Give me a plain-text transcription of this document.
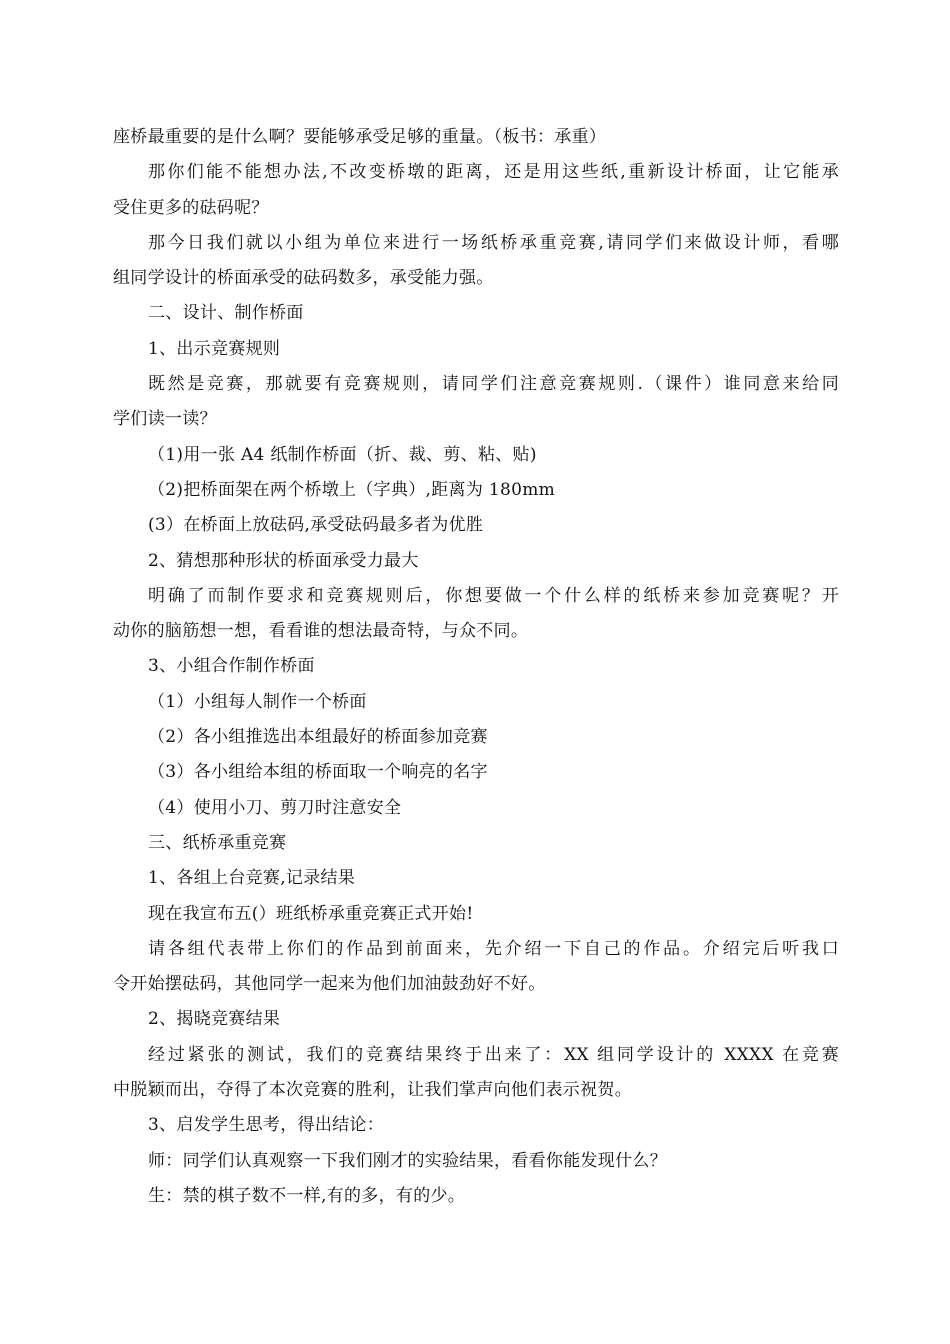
座桥最重要的是什么啊？要能够承受足够的重量。（板书：承重）
那你们能不能想办法,不改变桥墩的距离，还是用这些纸,重新设计桥面，让它能承
受住更多的砝码呢？
那今日我们就以小组为单位来进行一场纸桥承重竞赛,请同学们来做设计师，看哪
组同学设计的桥面承受的砝码数多，承受能力强。
二、设计、制作桥面
1、出示竞赛规则
既然是竞赛，那就要有竞赛规则，请同学们注意竞赛规则.（课件）谁同意来给同
学们读一读？
（1)用一张 A4 纸制作桥面（折、裁、剪、粘、贴)
（2)把桥面架在两个桥墩上（字典）,距离为 180mm
(3）在桥面上放砝码,承受砝码最多者为优胜
2、猜想那种形状的桥面承受力最大
明确了而制作要求和竞赛规则后，你想要做一个什么样的纸桥来参加竞赛呢？开
动你的脑筋想一想，看看谁的想法最奇特，与众不同。
3、小组合作制作桥面
（1）小组每人制作一个桥面
（2）各小组推选出本组最好的桥面参加竞赛
（3）各小组给本组的桥面取一个响亮的名字
（4）使用小刀、剪刀时注意安全
三、纸桥承重竞赛
1、各组上台竞赛,记录结果
现在我宣布五(）班纸桥承重竞赛正式开始!
请各组代表带上你们的作品到前面来，先介绍一下自己的作品。介绍完后听我口
令开始摆砝码，其他同学一起来为他们加油鼓劲好不好。
2、揭晓竞赛结果
经过紧张的测试，我们的竞赛结果终于出来了：XX 组同学设计的 XXXX 在竞赛
中脱颖而出，夺得了本次竞赛的胜利，让我们掌声向他们表示祝贺。
3、启发学生思考，得出结论：
师：同学们认真观察一下我们刚才的实验结果，看看你能发现什么？
生：禁的棋子数不一样,有的多，有的少。
